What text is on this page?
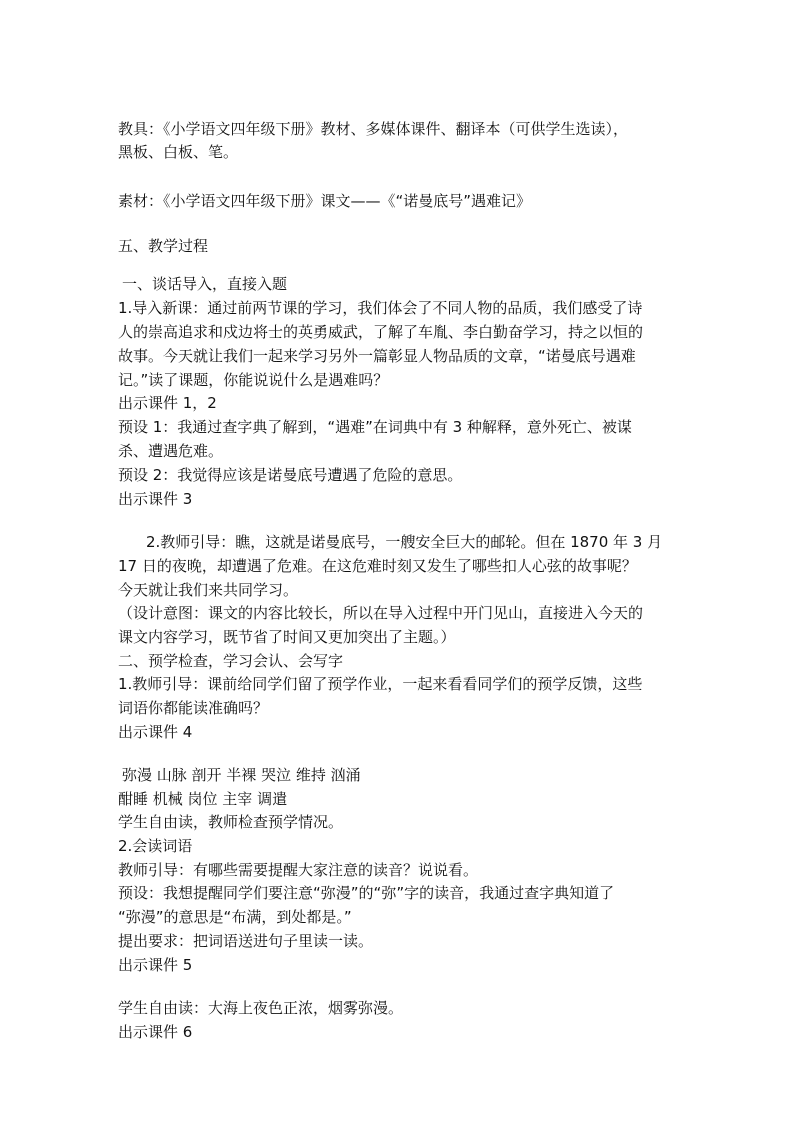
教具：《小学语文四年级下册》教材、多媒体课件、翻译本（可供学生选读），
黑板、白板、笔。
素材：《小学语文四年级下册》课文——《“诺曼底号”遇难记》
五、教学过程
一、谈话导入，直接入题
1.导入新课：通过前两节课的学习，我们体会了不同人物的品质，我们感受了诗
人的崇高追求和戍边将士的英勇威武，了解了车胤、李白勤奋学习，持之以恒的
故事。今天就让我们一起来学习另外一篇彰显人物品质的文章，“诺曼底号遇难
记。”读了课题，你能说说什么是遇难吗？
出示课件 1，2
预设 1：我通过查字典了解到，“遇难”在词典中有 3 种解释，意外死亡、被谋
杀、遭遇危难。
预设 2：我觉得应该是诺曼底号遭遇了危险的意思。
出示课件 3
2.教师引导：瞧，这就是诺曼底号，一艘安全巨大的邮轮。但在 1870 年 3 月
17 日的夜晚，却遭遇了危难。在这危难时刻又发生了哪些扣人心弦的故事呢？
今天就让我们来共同学习。
（设计意图：课文的内容比较长，所以在导入过程中开门见山，直接进入今天的
课文内容学习，既节省了时间又更加突出了主题。）
二、预学检查，学习会认、会写字
1.教师引导：课前给同学们留了预学作业，一起来看看同学们的预学反馈，这些
词语你都能读准确吗？
出示课件 4
弥漫 山脉 剖开 半裸 哭泣 维持 汹涌
酣睡 机械 岗位 主宰 调遣
学生自由读，教师检查预学情况。
2.会读词语
教师引导：有哪些需要提醒大家注意的读音？说说看。
预设：我想提醒同学们要注意“弥漫”的“弥”字的读音，我通过查字典知道了
“弥漫”的意思是“布满，到处都是。”
提出要求：把词语送进句子里读一读。
出示课件 5
学生自由读：大海上夜色正浓，烟雾弥漫。
出示课件 6
